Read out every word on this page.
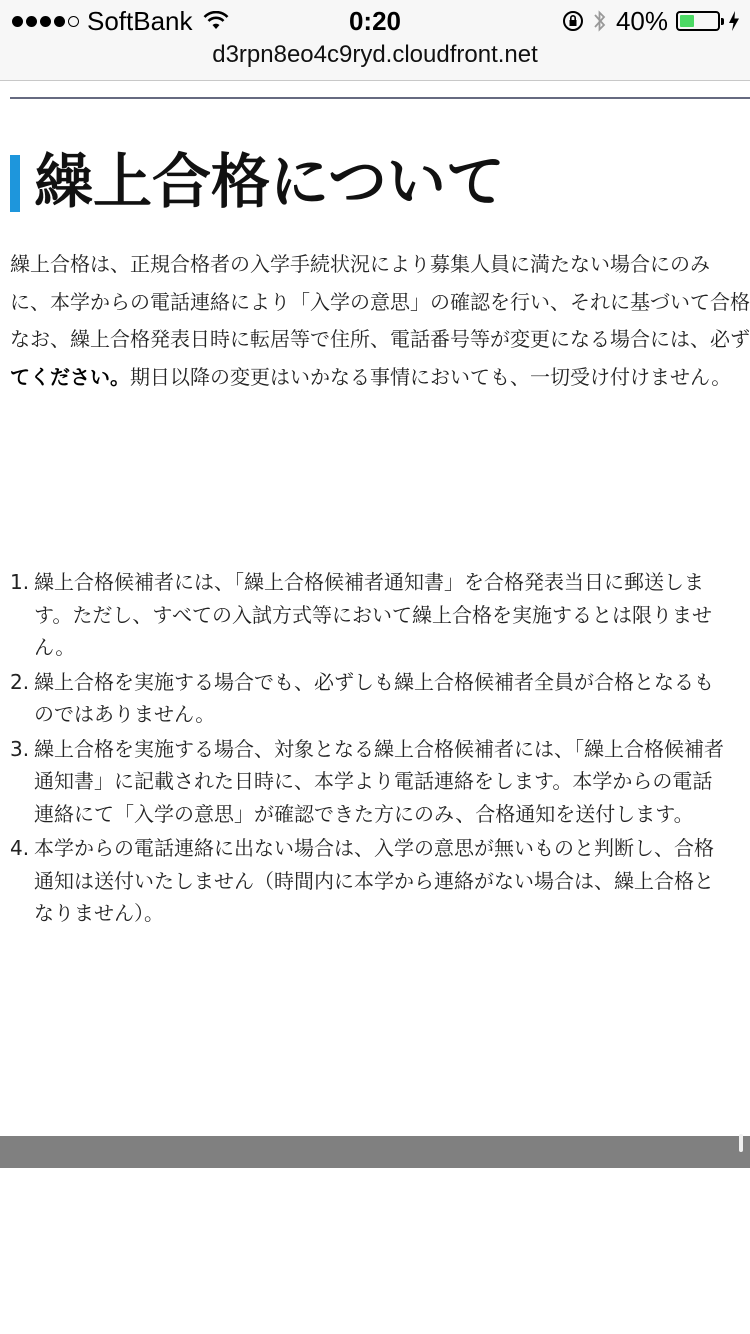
SoftBank	0:20	40%
d3rpn8eo4c9ryd.cloudfront.net
繰上合格について

繰上合格は、正規合格者の入学手続状況により募集人員に満たない場合にのみ

に、本学からの電話連絡により「入学の意思」の確認を行い、それに基づいて合格

なお、繰上合格発表日時に転居等で住所、電話番号等が変更になる場合には、必ず

てください。期日以降の変更はいかなる事情においても、一切受け付けません。

1. 繰上合格候補者には、「繰上合格候補者通知書」を合格発表当日に郵送します。ただし、すべての入試方式等において繰上合格を実施するとは限りません。
2. 繰上合格を実施する場合でも、必ずしも繰上合格候補者全員が合格となるものではありません。
3. 繰上合格を実施する場合、対象となる繰上合格候補者には、「繰上合格候補者通知書」に記載された日時に、本学より電話連絡をします。本学からの電話連絡にて「入学の意思」が確認できた方にのみ、合格通知を送付します。
4. 本学からの電話連絡に出ない場合は、入学の意思が無いものと判断し、合格通知は送付いたしません（時間内に本学から連絡がない場合は、繰上合格となりません）。
